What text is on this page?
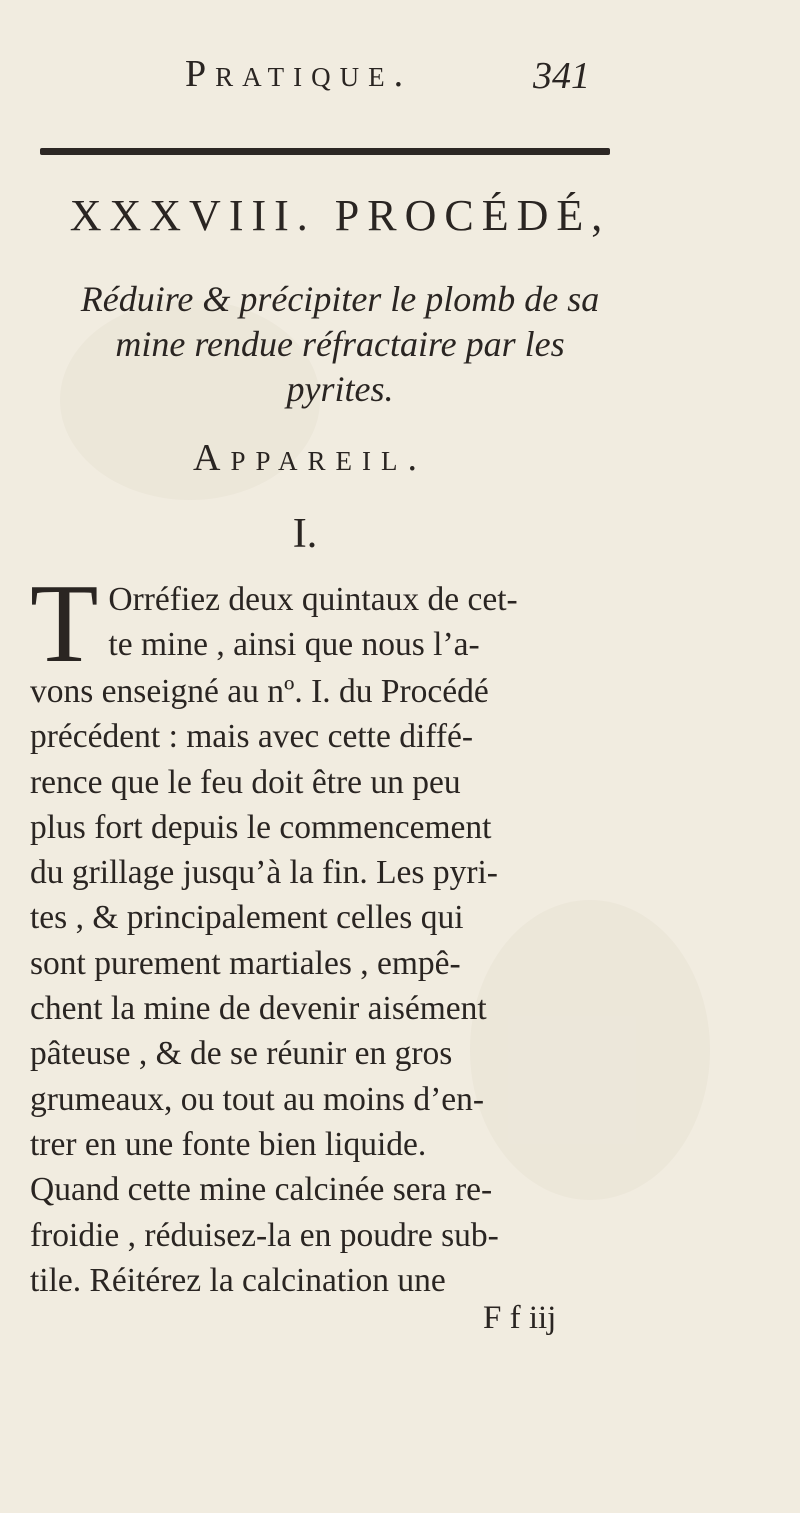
Pratique.	341
XXXVIII. PROCÉDÉ,
Réduire & précipiter le plomb de sa
mine rendue réfractaire par les
pyrites.
Appareil.
I.
T Orréfiez deux quintaux de cet-
te mine , ainsi que nous l’a-
vons enseigné au nº. I. du Procédé
précédent : mais avec cette diffé-
rence que le feu doit être un peu
plus fort depuis le commencement
du grillage jusqu’à la fin. Les pyri-
tes , & principalement celles qui
sont purement martiales , empê-
chent la mine de devenir aisément
pâteuse , & de se réunir en gros
grumeaux, ou tout au moins d’en-
trer en une fonte bien liquide.
Quand cette mine calcinée sera re-
froidie , réduisez-la en poudre sub-
tile. Réitérez la calcination une
F f iij
